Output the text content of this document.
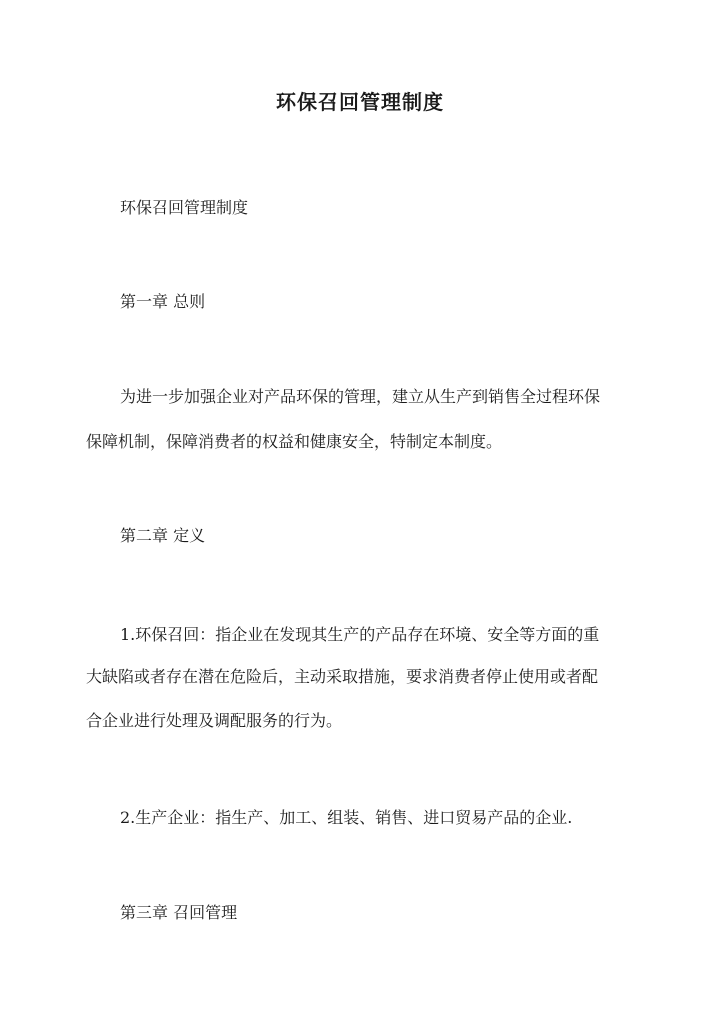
环保召回管理制度
环保召回管理制度
第一章 总则
为进一步加强企业对产品环保的管理，建立从生产到销售全过程环保
保障机制，保障消费者的权益和健康安全，特制定本制度。
第二章 定义
1.环保召回：指企业在发现其生产的产品存在环境、安全等方面的重
大缺陷或者存在潜在危险后，主动采取措施，要求消费者停止使用或者配
合企业进行处理及调配服务的行为。
2.生产企业：指生产、加工、组装、销售、进口贸易产品的企业.
第三章 召回管理
